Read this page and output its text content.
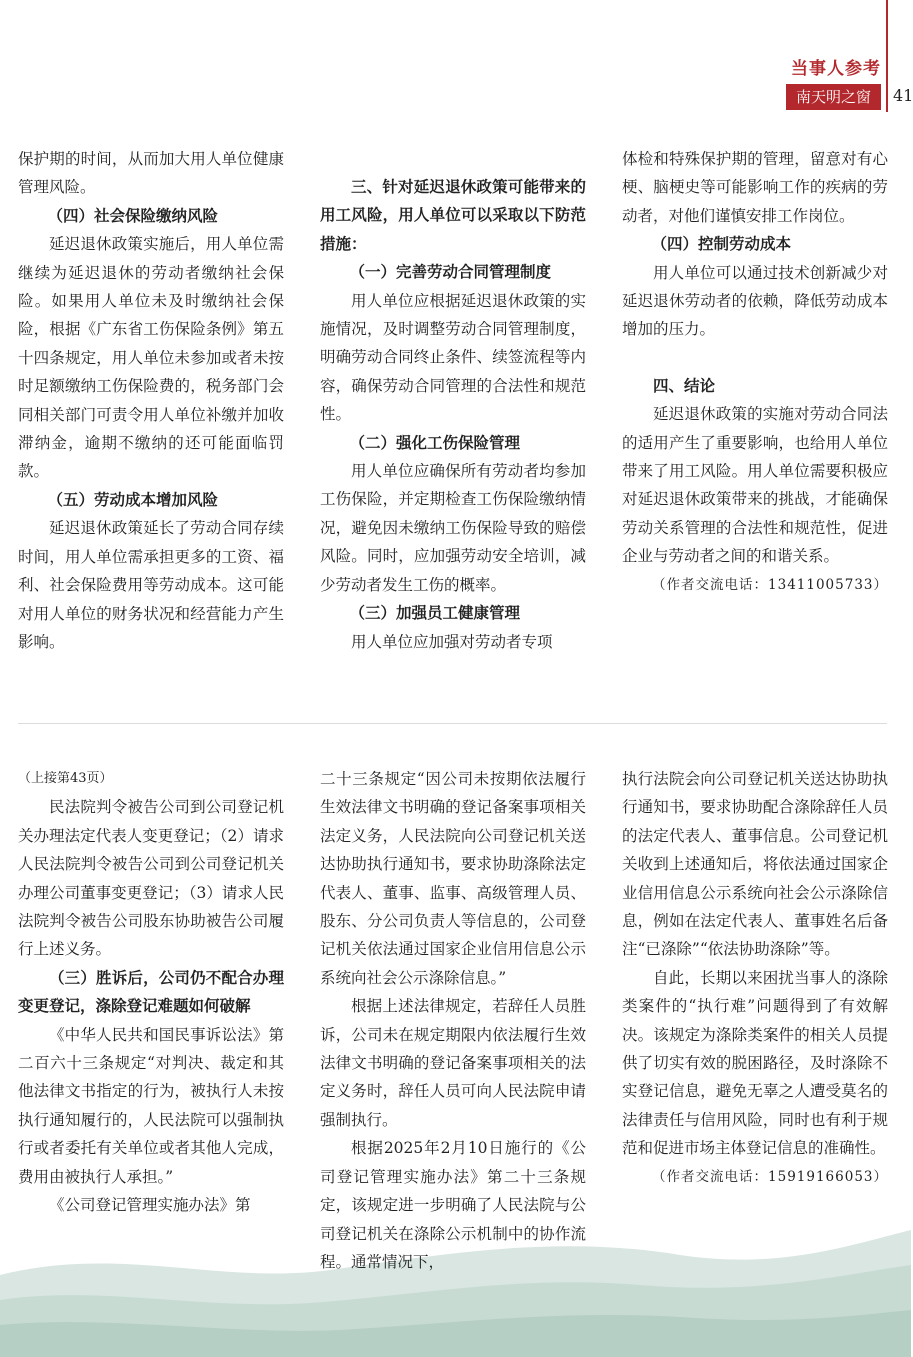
当事人参考
南天明之窗	41

保护期的时间，从而加大用人单位健康管理风险。

（四）社会保险缴纳风险

延迟退休政策实施后，用人单位需继续为延迟退休的劳动者缴纳社会保险。如果用人单位未及时缴纳社会保险，根据《广东省工伤保险条例》第五十四条规定，用人单位未参加或者未按时足额缴纳工伤保险费的，税务部门会同相关部门可责令用人单位补缴并加收滞纳金，逾期不缴纳的还可能面临罚款。

（五）劳动成本增加风险

延迟退休政策延长了劳动合同存续时间，用人单位需承担更多的工资、福利、社会保险费用等劳动成本。这可能对用人单位的财务状况和经营能力产生影响。

三、针对延迟退休政策可能带来的用工风险，用人单位可以采取以下防范措施：

（一）完善劳动合同管理制度

用人单位应根据延迟退休政策的实施情况，及时调整劳动合同管理制度，明确劳动合同终止条件、续签流程等内容，确保劳动合同管理的合法性和规范性。

（二）强化工伤保险管理

用人单位应确保所有劳动者均参加工伤保险，并定期检查工伤保险缴纳情况，避免因未缴纳工伤保险导致的赔偿风险。同时，应加强劳动安全培训，减少劳动者发生工伤的概率。

（三）加强员工健康管理

用人单位应加强对劳动者专项

体检和特殊保护期的管理，留意对有心梗、脑梗史等可能影响工作的疾病的劳动者，对他们谨慎安排工作岗位。

（四）控制劳动成本

用人单位可以通过技术创新减少对延迟退休劳动者的依赖，降低劳动成本增加的压力。

四、结论

延迟退休政策的实施对劳动合同法的适用产生了重要影响，也给用人单位带来了用工风险。用人单位需要积极应对延迟退休政策带来的挑战，才能确保劳动关系管理的合法性和规范性，促进企业与劳动者之间的和谐关系。

（作者交流电话：13411005733）

（上接第43页）

民法院判令被告公司到公司登记机关办理法定代表人变更登记；（2）请求人民法院判令被告公司到公司登记机关办理公司董事变更登记；（3）请求人民法院判令被告公司股东协助被告公司履行上述义务。

（三）胜诉后，公司仍不配合办理变更登记，涤除登记难题如何破解

《中华人民共和国民事诉讼法》第二百六十三条规定“对判决、裁定和其他法律文书指定的行为，被执行人未按执行通知履行的，人民法院可以强制执行或者委托有关单位或者其他人完成，费用由被执行人承担。”

《公司登记管理实施办法》第

二十三条规定“因公司未按期依法履行生效法律文书明确的登记备案事项相关法定义务，人民法院向公司登记机关送达协助执行通知书，要求协助涤除法定代表人、董事、监事、高级管理人员、股东、分公司负责人等信息的，公司登记机关依法通过国家企业信用信息公示系统向社会公示涤除信息。”

根据上述法律规定，若辞任人员胜诉，公司未在规定期限内依法履行生效法律文书明确的登记备案事项相关的法定义务时，辞任人员可向人民法院申请强制执行。

根据2025年2月10日施行的《公司登记管理实施办法》第二十三条规定，该规定进一步明确了人民法院与公司登记机关在涤除公示机制中的协作流程。通常情况下，

执行法院会向公司登记机关送达协助执行通知书，要求协助配合涤除辞任人员的法定代表人、董事信息。公司登记机关收到上述通知后，将依法通过国家企业信用信息公示系统向社会公示涤除信息，例如在法定代表人、董事姓名后备注“已涤除”“依法协助涤除”等。

自此，长期以来困扰当事人的涤除类案件的“执行难”问题得到了有效解决。该规定为涤除类案件的相关人员提供了切实有效的脱困路径，及时涤除不实登记信息，避免无辜之人遭受莫名的法律责任与信用风险，同时也有利于规范和促进市场主体登记信息的准确性。

（作者交流电话：15919166053）
